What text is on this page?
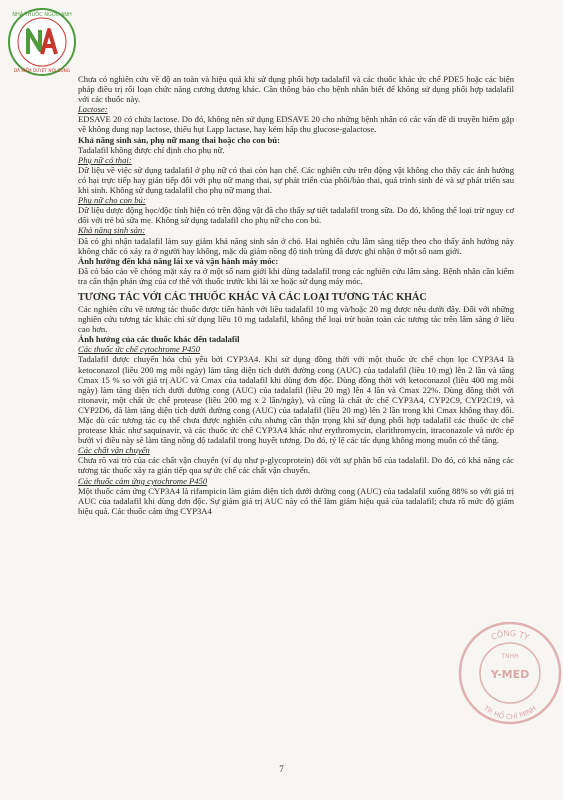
NHÀ THUỐC NGỌC ANH
ĐÃ KIỂM DUYỆT NỘI DUNG

Chưa có nghiên cứu về độ an toàn và hiệu quả khi sử dụng phối hợp tadalafil và các thuốc khác ức chế PDE5 hoặc các biện pháp điều trị rối loạn chức năng cương dương khác. Cần thông báo cho bệnh nhân biết để không sử dụng phối hợp tadalafil với các thuốc này.

Lactose:

EDSAVE 20 có chứa lactose. Do đó, không nên sử dụng EDSAVE 20 cho những bệnh nhân có các vấn đề di truyền hiếm gặp về không dung nạp lactose, thiếu hụt Lapp lactase, hay kém hấp thu glucose-galactose.

Khả năng sinh sản, phụ nữ mang thai hoặc cho con bú:

Tadalafil không được chỉ định cho phụ nữ.

Phụ nữ có thai:

Dữ liệu về việc sử dụng tadalafil ở phụ nữ có thai còn hạn chế. Các nghiên cứu trên động vật không cho thấy các ảnh hưởng có hại trực tiếp hay gián tiếp đối với phụ nữ mang thai, sự phát triển của phôi/bào thai, quá trình sinh đẻ và sự phát triển sau khi sinh. Không sử dụng tadalafil cho phụ nữ mang thai.

Phụ nữ cho con bú:

Dữ liệu dược động học/độc tính hiện có trên động vật đã cho thấy sự tiết tadalafil trong sữa. Do đó, không thể loại trừ nguy cơ đối với trẻ bú sữa mẹ. Không sử dụng tadalafil cho phụ nữ cho con bú.

Khả năng sinh sản:

Đã có ghi nhận tadalafil làm suy giảm khả năng sinh sản ở chó. Hai nghiên cứu lâm sàng tiếp theo cho thấy ảnh hưởng này không chắc có xảy ra ở người hay không, mặc dù giảm nồng độ tinh trùng đã được ghi nhận ở một số nam giới.

Ảnh hưởng đến khả năng lái xe và vận hành máy móc:

Đã có báo cáo về chóng mặt xảy ra ở một số nam giới khi dùng tadalafil trong các nghiên cứu lâm sàng. Bệnh nhân cần kiểm tra cẩn thận phản ứng của cơ thể với thuốc trước khi lái xe hoặc sử dụng máy móc.

TƯƠNG TÁC VỚI CÁC THUỐC KHÁC VÀ CÁC LOẠI TƯƠNG TÁC KHÁC

Các nghiên cứu về tương tác thuốc được tiến hành với liều tadalafil 10 mg và/hoặc 20 mg được nêu dưới đây. Đối với những nghiên cứu tương tác khác chỉ sử dụng liều 10 mg tadalafil, không thể loại trừ hoàn toàn các tương tác trên lâm sàng ở liều cao hơn.

Ảnh hưởng của các thuốc khác đến tadalafil

Các thuốc ức chế cytochrome P450

Tadalafil được chuyển hóa chủ yếu bởi CYP3A4. Khi sử dụng đồng thời với một thuốc ức chế chọn lọc CYP3A4 là ketoconazol (liều 200 mg mỗi ngày) làm tăng diện tích dưới đường cong (AUC) của tadalafil (liều 10 mg) lên 2 lần và tăng Cmax 15 % so với giá trị AUC và Cmax của tadalafil khi dùng đơn độc. Dùng đồng thời với ketoconazol (liều 400 mg mỗi ngày) làm tăng diện tích dưới đường cong (AUC) của tadalafil (liều 20 mg) lên 4 lần và Cmax 22%. Dùng đồng thời với ritonavir, một chất ức chế protease (liều 200 mg x 2 lần/ngày), và cũng là chất ức chế CYP3A4, CYP2C9, CYP2C19, và CYP2D6, đã làm tăng diện tích dưới đường cong (AUC) của tadalafil (liều 20 mg) lên 2 lần trong khi Cmax không thay đổi. Mặc dù các tương tác cụ thể chưa được nghiên cứu nhưng cần thận trọng khi sử dụng phối hợp tadalafil các thuốc ức chế protease khác như saquinavir, và các thuốc ức chế CYP3A4 khác như erythromycin, clarithromycin, itraconazole và nước ép bưởi vì điều này sẽ làm tăng nồng độ tadalafil trong huyết tương. Do đó, tỷ lệ các tác dụng không mong muốn có thể tăng.

Các chất vận chuyển

Chưa rõ vai trò của các chất vận chuyển (ví dụ như p-glycoprotein) đối với sự phân bố của tadalafil. Do đó, có khả năng các tương tác thuốc xảy ra gián tiếp qua sự ức chế các chất vận chuyển.

Các thuốc cảm ứng cytochrome P450

Một thuốc cảm ứng CYP3A4 là rifampicin làm giảm diện tích dưới đường cong (AUC) của tadalafil xuống 88% so với giá trị AUC của tadalafil khi dùng đơn độc. Sự giảm giá trị AUC này có thể làm giảm hiệu quả của tadalafil; chưa rõ mức độ giảm hiệu quả. Các thuốc cảm ứng CYP3A4

CÔNG TY
TNHH
Y-MED
TP. HỒ CHÍ MINH
7
